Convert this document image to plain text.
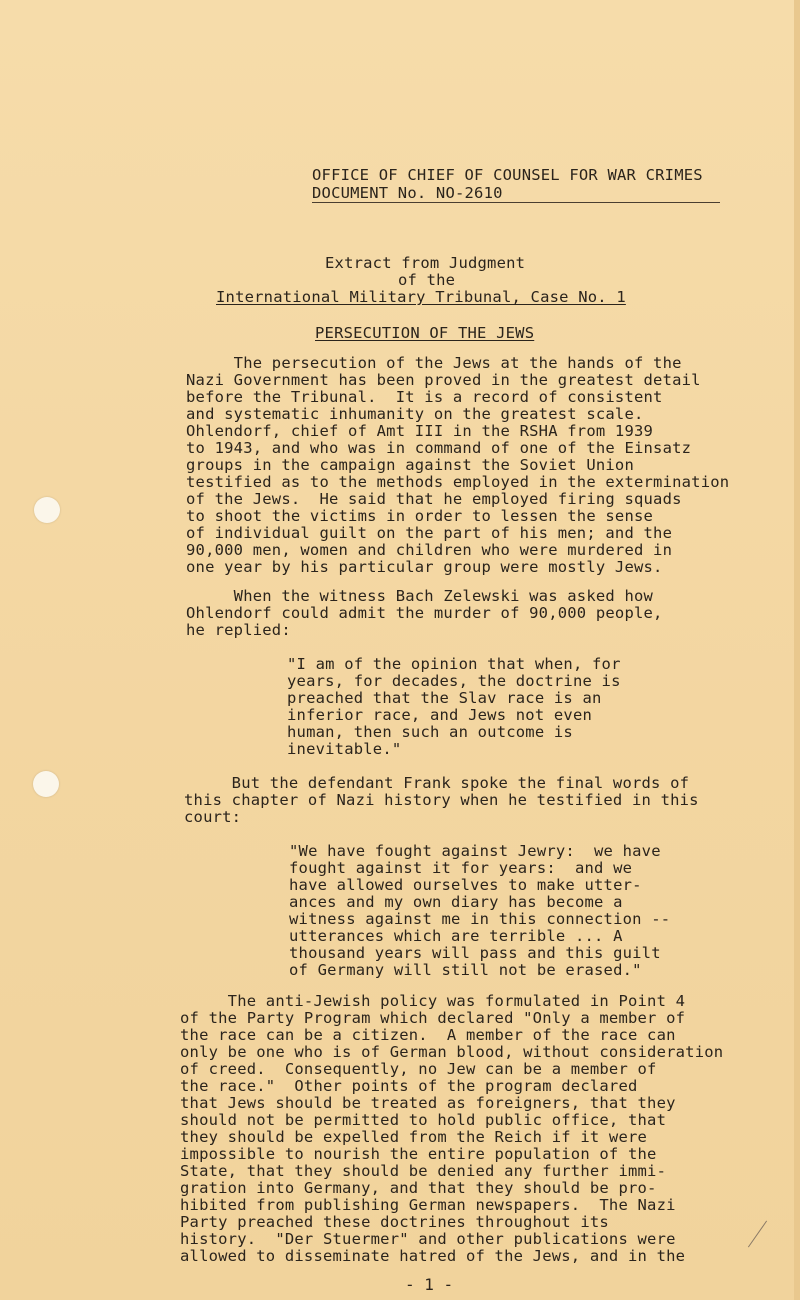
OFFICE OF CHIEF OF COUNSEL FOR WAR CRIMES
DOCUMENT No. NO-2610
Extract from Judgment
of the
International Military Tribunal, Case No. 1
PERSECUTION OF THE JEWS
The persecution of the Jews at the hands of the
Nazi Government has been proved in the greatest detail
before the Tribunal.  It is a record of consistent
and systematic inhumanity on the greatest scale.
Ohlendorf, chief of Amt III in the RSHA from 1939
to 1943, and who was in command of one of the Einsatz
groups in the campaign against the Soviet Union
testified as to the methods employed in the extermination
of the Jews.  He said that he employed firing squads
to shoot the victims in order to lessen the sense
of individual guilt on the part of his men; and the
90,000 men, women and children who were murdered in
one year by his particular group were mostly Jews.
When the witness Bach Zelewski was asked how
Ohlendorf could admit the murder of 90,000 people,
he replied:
"I am of the opinion that when, for
years, for decades, the doctrine is
preached that the Slav race is an
inferior race, and Jews not even
human, then such an outcome is
inevitable."
But the defendant Frank spoke the final words of
this chapter of Nazi history when he testified in this
court:
"We have fought against Jewry:  we have
fought against it for years:  and we
have allowed ourselves to make utter-
ances and my own diary has become a
witness against me in this connection --
utterances which are terrible ... A
thousand years will pass and this guilt
of Germany will still not be erased."
The anti-Jewish policy was formulated in Point 4
of the Party Program which declared "Only a member of
the race can be a citizen.  A member of the race can
only be one who is of German blood, without consideration
of creed.  Consequently, no Jew can be a member of
the race."  Other points of the program declared
that Jews should be treated as foreigners, that they
should not be permitted to hold public office, that
they should be expelled from the Reich if it were
impossible to nourish the entire population of the
State, that they should be denied any further immi-
gration into Germany, and that they should be pro-
hibited from publishing German newspapers.  The Nazi
Party preached these doctrines throughout its
history.  "Der Stuermer" and other publications were
allowed to disseminate hatred of the Jews, and in the
- 1 -
